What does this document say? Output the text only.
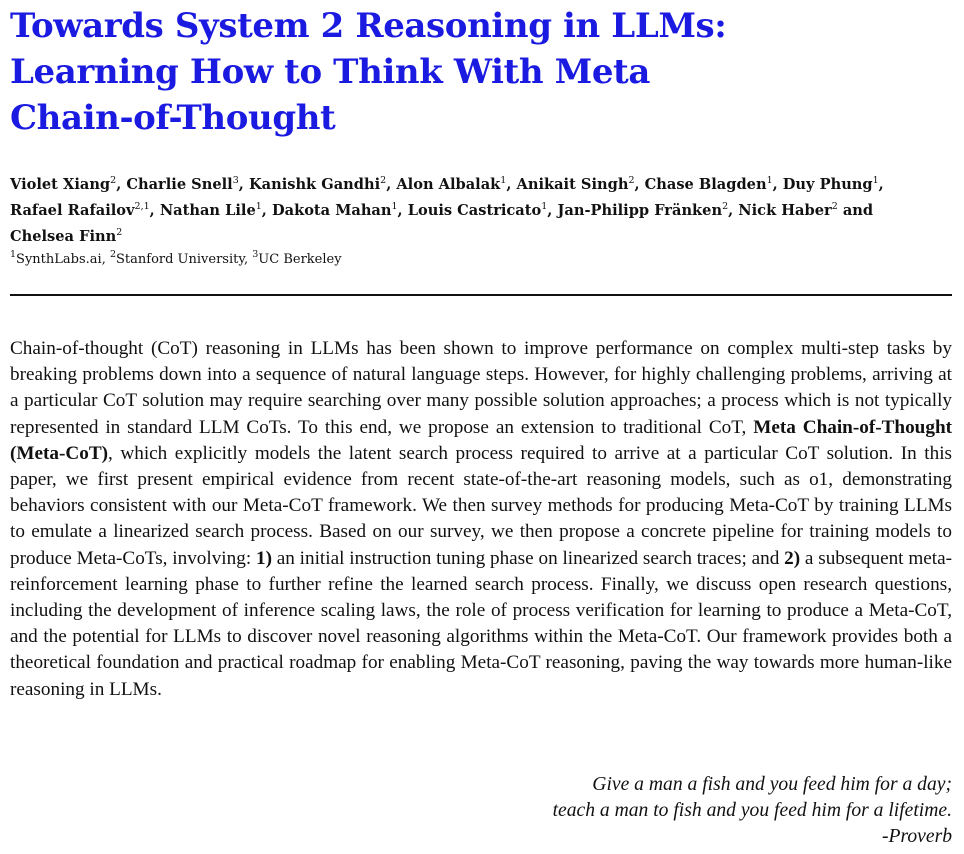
Towards System 2 Reasoning in LLMs:
Learning How to Think With Meta
Chain-of-Thought
Violet Xiang$^2$, Charlie Snell$^3$, Kanishk Gandhi$^2$, Alon Albalak$^1$, Anikait Singh$^2$, Chase Blagden$^1$, Duy Phung$^1$,
Rafael Rafailov$^{2,1}$, Nathan Lile$^1$, Dakota Mahan$^1$, Louis Castricato$^1$, Jan-Philipp Fränken$^2$, Nick Haber$^2$ and
Chelsea Finn$^2$
$^1$SynthLabs.ai, $^2$Stanford University, $^3$UC Berkeley
Chain-of-thought (CoT) reasoning in LLMs has been shown to improve performance on complex multi-step tasks by breaking problems down into a sequence of natural language steps. However, for highly challenging problems, arriving at a particular CoT solution may require searching over many possible solution approaches; a process which is not typically represented in standard LLM CoTs. To this end, we propose an extension to traditional CoT, Meta Chain-of-Thought (Meta-CoT), which explicitly models the latent search process required to arrive at a particular CoT solution. In this paper, we first present empirical evidence from recent state-of-the-art reasoning models, such as o1, demonstrating behaviors consistent with our Meta-CoT framework. We then survey methods for producing Meta-CoT by training LLMs to emulate a linearized search process. Based on our survey, we then propose a concrete pipeline for training models to produce Meta-CoTs, involving: 1) an initial instruction tuning phase on linearized search traces; and 2) a subsequent meta-reinforcement learning phase to further refine the learned search process. Finally, we discuss open research questions, including the development of inference scaling laws, the role of process verification for learning to produce a Meta-CoT, and the potential for LLMs to discover novel reasoning algorithms within the Meta-CoT. Our framework provides both a theoretical foundation and practical roadmap for enabling Meta-CoT reasoning, paving the way towards more human-like reasoning in LLMs.
Give a man a fish and you feed him for a day;
teach a man to fish and you feed him for a lifetime.
-Proverb
